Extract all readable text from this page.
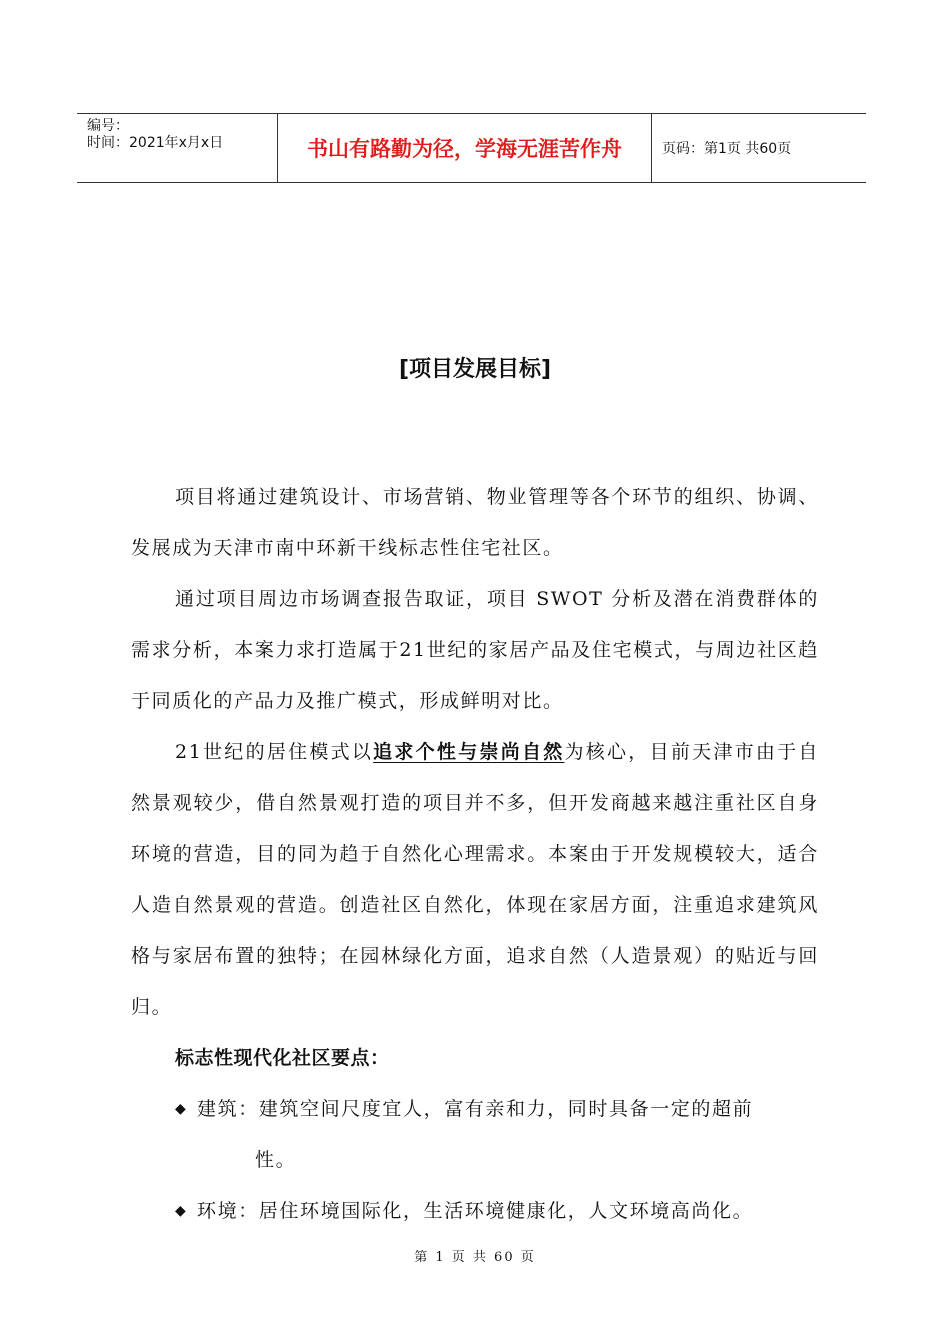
编号：
时间：2021年x月x日	书山有路勤为径，学海无涯苦作舟	页码：第1页 共60页
[项目发展目标]

项目将通过建筑设计、市场营销、物业管理等各个环节的组织、协调、发展成为天津市南中环新干线标志性住宅社区。

通过项目周边市场调查报告取证，项目 SWOT 分析及潜在消费群体的需求分析，本案力求打造属于21世纪的家居产品及住宅模式，与周边社区趋于同质化的产品力及推广模式，形成鲜明对比。

21世纪的居住模式以追求个性与崇尚自然为核心，目前天津市由于自然景观较少，借自然景观打造的项目并不多，但开发商越来越注重社区自身环境的营造，目的同为趋于自然化心理需求。本案由于开发规模较大，适合人造自然景观的营造。创造社区自然化，体现在家居方面，注重追求建筑风格与家居布置的独特；在园林绿化方面，追求自然（人造景观）的贴近与回归。

标志性现代化社区要点：

◆ 建筑：建筑空间尺度宜人，富有亲和力，同时具备一定的超前
性。

◆ 环境：居住环境国际化，生活环境健康化，人文环境高尚化。

第 1 页 共 60 页
